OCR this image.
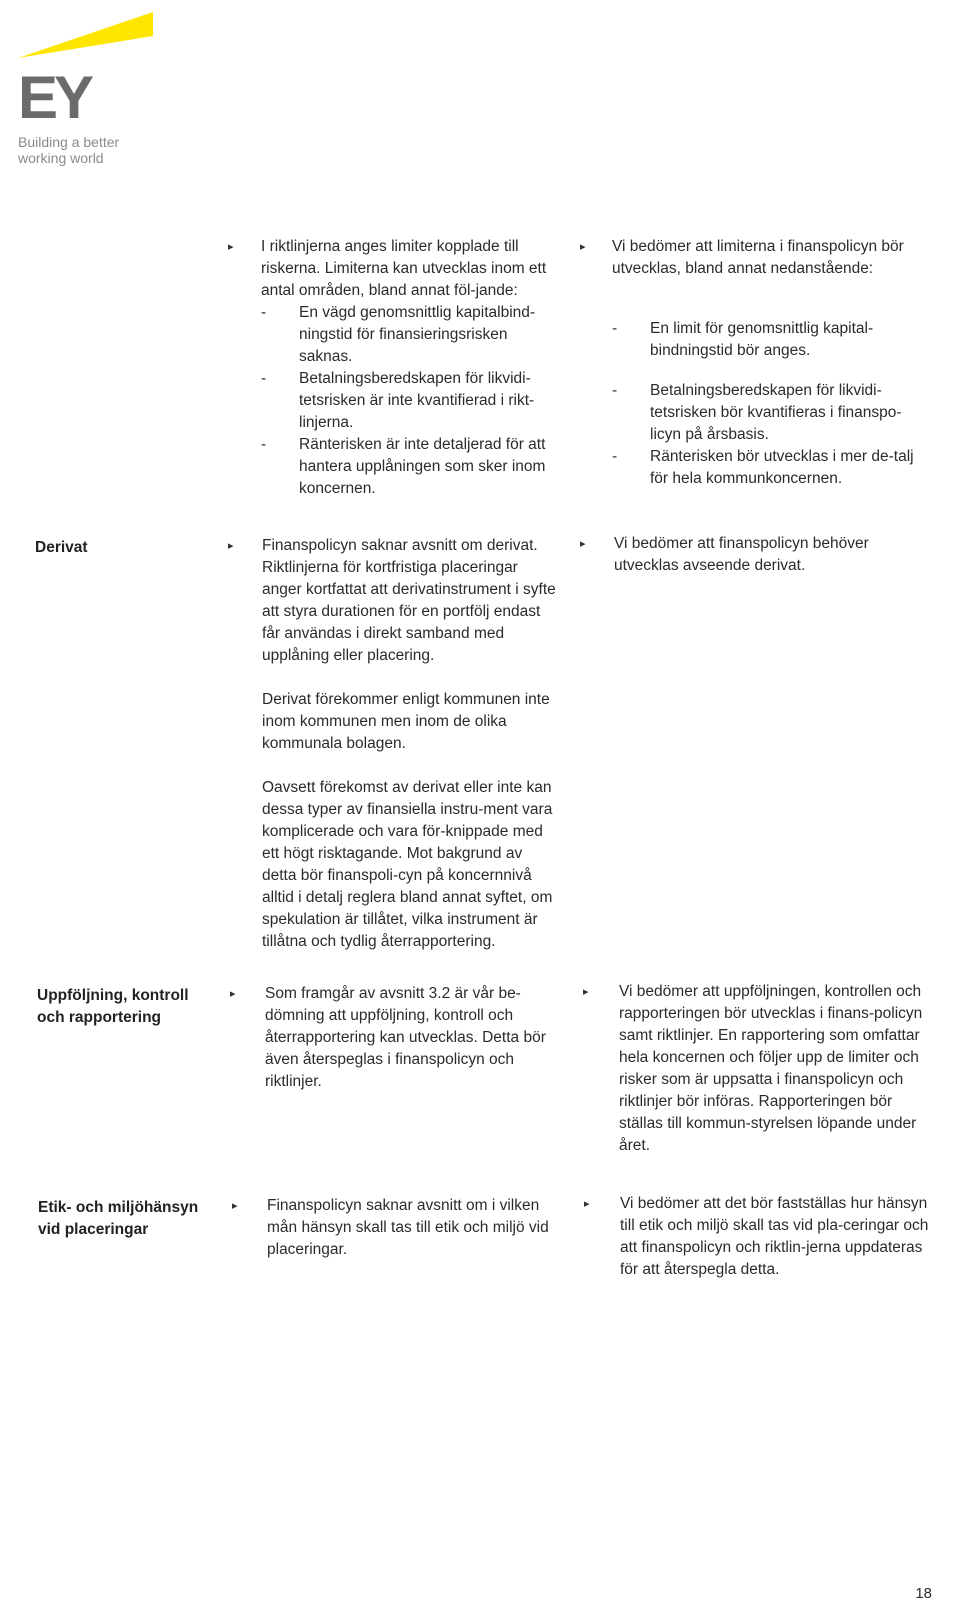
EY
Building a better
working world
▸ I riktlinjerna anges limiter kopplade till riskerna. Limiterna kan utvecklas inom ett antal områden, bland annat föl-jande:

- En vägd genomsnittlig kapitalbind-ningstid för finansieringsrisken saknas.
- Betalningsberedskapen för likvidi-tetsrisken är inte kvantifierad i rikt-linjerna.
- Ränterisken är inte detaljerad för att hantera upplåningen som sker inom koncernen.
▸ Vi bedömer att limiterna i finanspolicyn bör utvecklas, bland annat nedanstående:

- En limit för genomsnittlig kapital-bindningstid bör anges.
- Betalningsberedskapen för likvidi-tetsrisken bör kvantifieras i finanspo-licyn på årsbasis.
- Ränterisken bör utvecklas i mer de-talj för hela kommunkoncernen.
Derivat	▸ Finanspolicyn saknar avsnitt om derivat. Riktlinjerna för kortfristiga placeringar anger kortfattat att derivatinstrument i syfte att styra durationen för en portfölj endast får användas i direkt samband med upplåning eller placering.

Derivat förekommer enligt kommunen inte inom kommunen men inom de olika kommunala bolagen.

Oavsett förekomst av derivat eller inte kan dessa typer av finansiella instru-ment vara komplicerade och vara för-knippade med ett högt risktagande. Mot bakgrund av detta bör finanspoli-cyn på koncernnivå alltid i detalj reglera bland annat syftet, om spekulation är tillåtet, vilka instrument är tillåtna och tydlig återrapportering.

▸ Vi bedömer att finanspolicyn behöver utvecklas avseende derivat.
Uppföljning, kontroll och rapportering
▸ Som framgår av avsnitt 3.2 är vår be-dömning att uppföljning, kontroll och återrapportering kan utvecklas. Detta bör även återspeglas i finanspolicyn och riktlinjer.
▸ Vi bedömer att uppföljningen, kontrollen och rapporteringen bör utvecklas i finans-policyn samt riktlinjer. En rapportering som omfattar hela koncernen och följer upp de limiter och risker som är uppsatta i finanspolicyn och riktlinjer bör införas. Rapporteringen bör ställas till kommun-styrelsen löpande under året.
Etik- och miljöhänsyn vid placeringar
▸ Finanspolicyn saknar avsnitt om i vilken mån hänsyn skall tas till etik och miljö vid placeringar.
▸ Vi bedömer att det bör fastställas hur hänsyn till etik och miljö skall tas vid pla-ceringar och att finanspolicyn och riktlin-jerna uppdateras för att återspegla detta.
18
